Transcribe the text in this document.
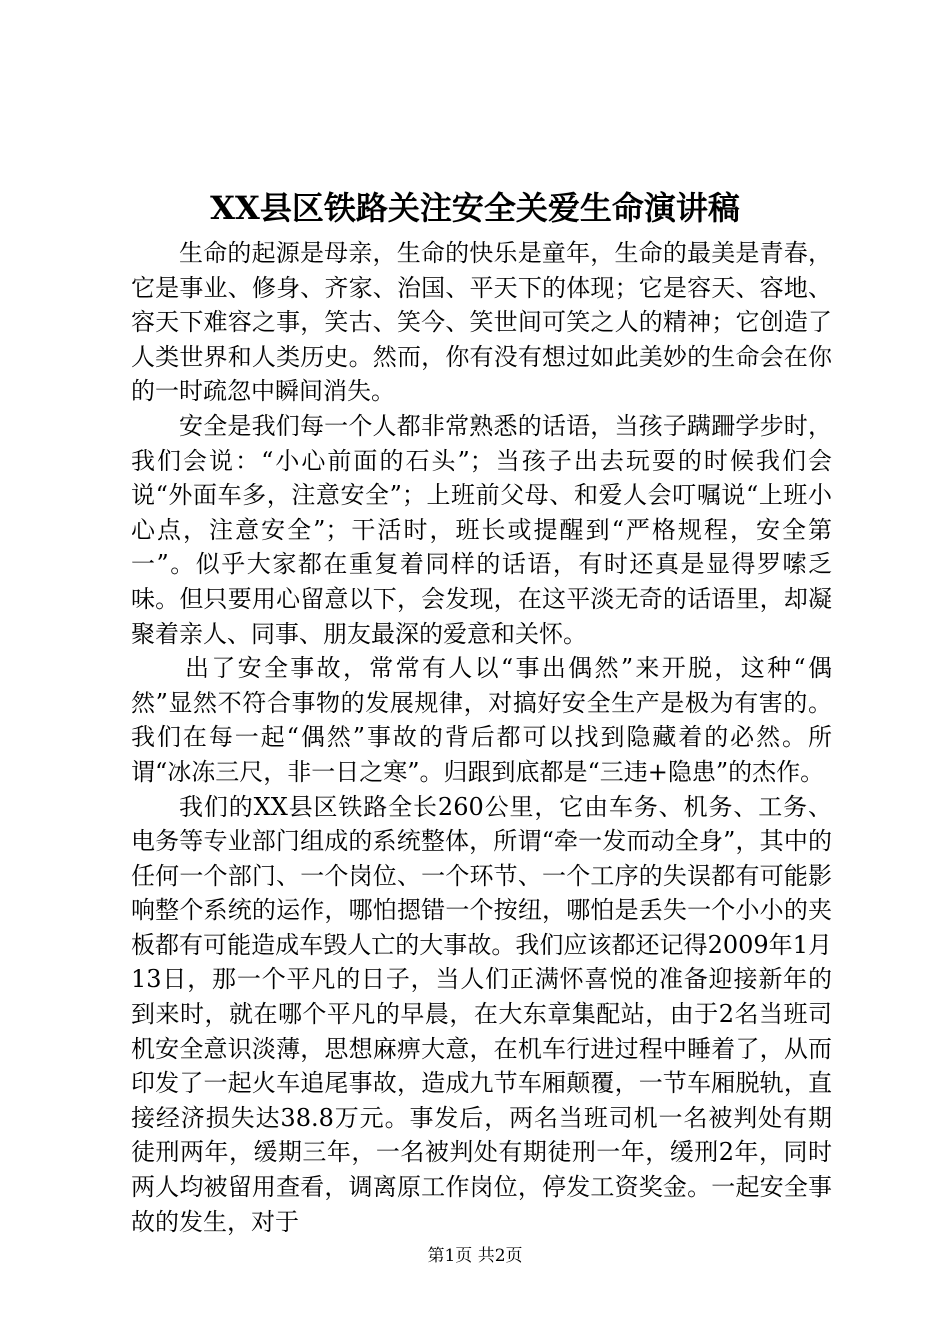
XX县区铁路关注安全关爱生命演讲稿

生命的起源是母亲，生命的快乐是童年，生命的最美是青春，它是事业、修身、齐家、治国、平天下的体现；它是容天、容地、容天下难容之事，笑古、笑今、笑世间可笑之人的精神；它创造了人类世界和人类历史。然而，你有没有想过如此美妙的生命会在你的一时疏忽中瞬间消失。

安全是我们每一个人都非常熟悉的话语，当孩子蹒跚学步时，我们会说：“小心前面的石头”；当孩子出去玩耍的时候我们会说“外面车多，注意安全”；上班前父母、和爱人会叮嘱说“上班小心点，注意安全”；干活时，班长或提醒到“严格规程，安全第一”。似乎大家都在重复着同样的话语，有时还真是显得罗嗦乏味。但只要用心留意以下，会发现，在这平淡无奇的话语里，却凝聚着亲人、同事、朋友最深的爱意和关怀。

出了安全事故，常常有人以“事出偶然”来开脱，这种“偶然”显然不符合事物的发展规律，对搞好安全生产是极为有害的。我们在每一起“偶然”事故的背后都可以找到隐藏着的必然。所谓“冰冻三尺，非一日之寒”。归跟到底都是“三违+隐患”的杰作。

我们的XX县区铁路全长260公里，它由车务、机务、工务、电务等专业部门组成的系统整体，所谓“牵一发而动全身”，其中的任何一个部门、一个岗位、一个环节、一个工序的失误都有可能影响整个系统的运作，哪怕摁错一个按纽，哪怕是丢失一个小小的夹板都有可能造成车毁人亡的大事故。我们应该都还记得2009年1月13日，那一个平凡的日子，当人们正满怀喜悦的准备迎接新年的到来时，就在哪个平凡的早晨，在大东章集配站，由于2名当班司机安全意识淡薄，思想麻痹大意，在机车行进过程中睡着了，从而印发了一起火车追尾事故，造成九节车厢颠覆，一节车厢脱轨，直接经济损失达38.8万元。事发后，两名当班司机一名被判处有期徒刑两年，缓期三年，一名被判处有期徒刑一年，缓刑2年，同时两人均被留用查看，调离原工作岗位，停发工资奖金。一起安全事故的发生，对于

第1页 共2页
